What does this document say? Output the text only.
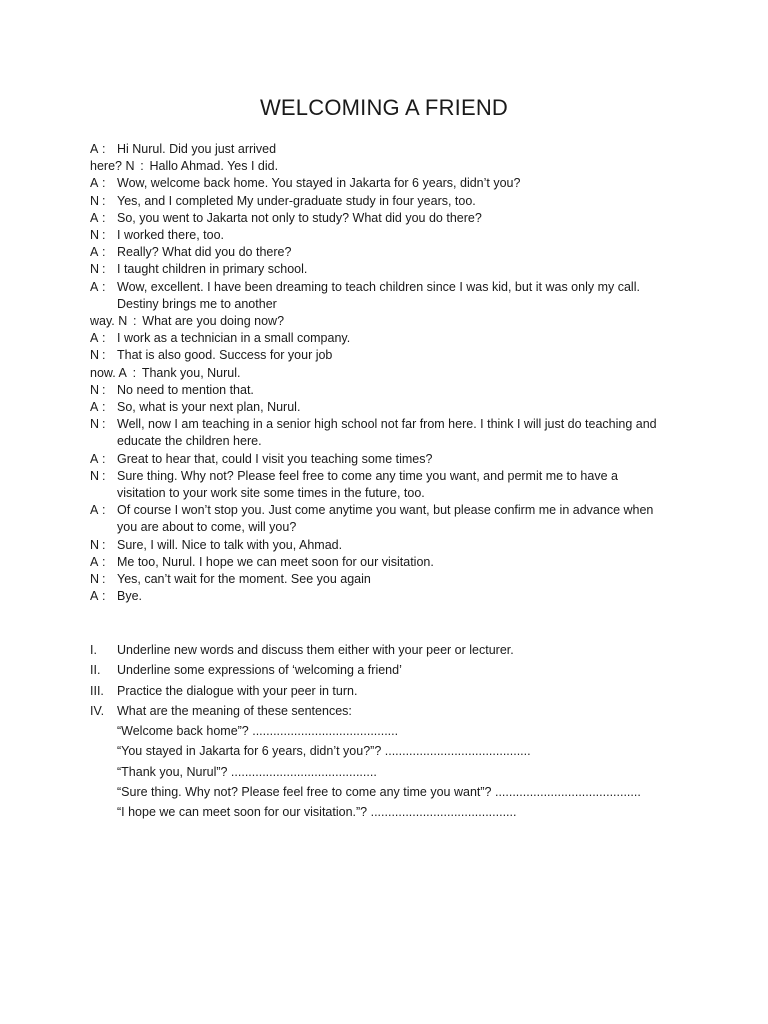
WELCOMING A FRIEND
A : Hi Nurul. Did you just arrived
here? N : Hallo Ahmad. Yes I did.
A : Wow, welcome back home. You stayed in Jakarta for 6 years, didn’t you?
N : Yes, and I completed My under-graduate study in four years, too.
A : So, you went to Jakarta not only to study? What did you do there?
N : I worked there, too.
A : Really? What did you do there?
N : I taught children in primary school.
A : Wow, excellent. I have been dreaming to teach children since I was kid, but it was only my call.
Destiny brings me to another
way. N : What are you doing now?
A : I work as a technician in a small company.
N : That is also good. Success for your job
now. A : Thank you, Nurul.
N : No need to mention that.
A : So, what is your next plan, Nurul.
N : Well, now I am teaching in a senior high school not far from here. I think I will just do teaching and
educate the children here.
A : Great to hear that, could I visit you teaching some times?
N : Sure thing. Why not? Please feel free to come any time you want, and permit me to have a
visitation to your work site some times in the future, too.
A : Of course I won’t stop you. Just come anytime you want, but please confirm me in advance when
you are about to come, will you?
N : Sure, I will. Nice to talk with you, Ahmad.
A : Me too, Nurul. I hope we can meet soon for our visitation.
N : Yes, can’t wait for the moment. See you again
A : Bye.
I.	Underline new words and discuss them either with your peer or lecturer.
II.	Underline some expressions of ‘welcoming a friend’
III.	Practice the dialogue with your peer in turn.
IV.	What are the meaning of these sentences:
“Welcome back home”? ..........................................
“You stayed in Jakarta for 6 years, didn’t you?”? ..........................................
“Thank you, Nurul”? ..........................................
“Sure thing. Why not? Please feel free to come any time you want”? ..........................................
“I hope we can meet soon for our visitation.”? ..........................................
